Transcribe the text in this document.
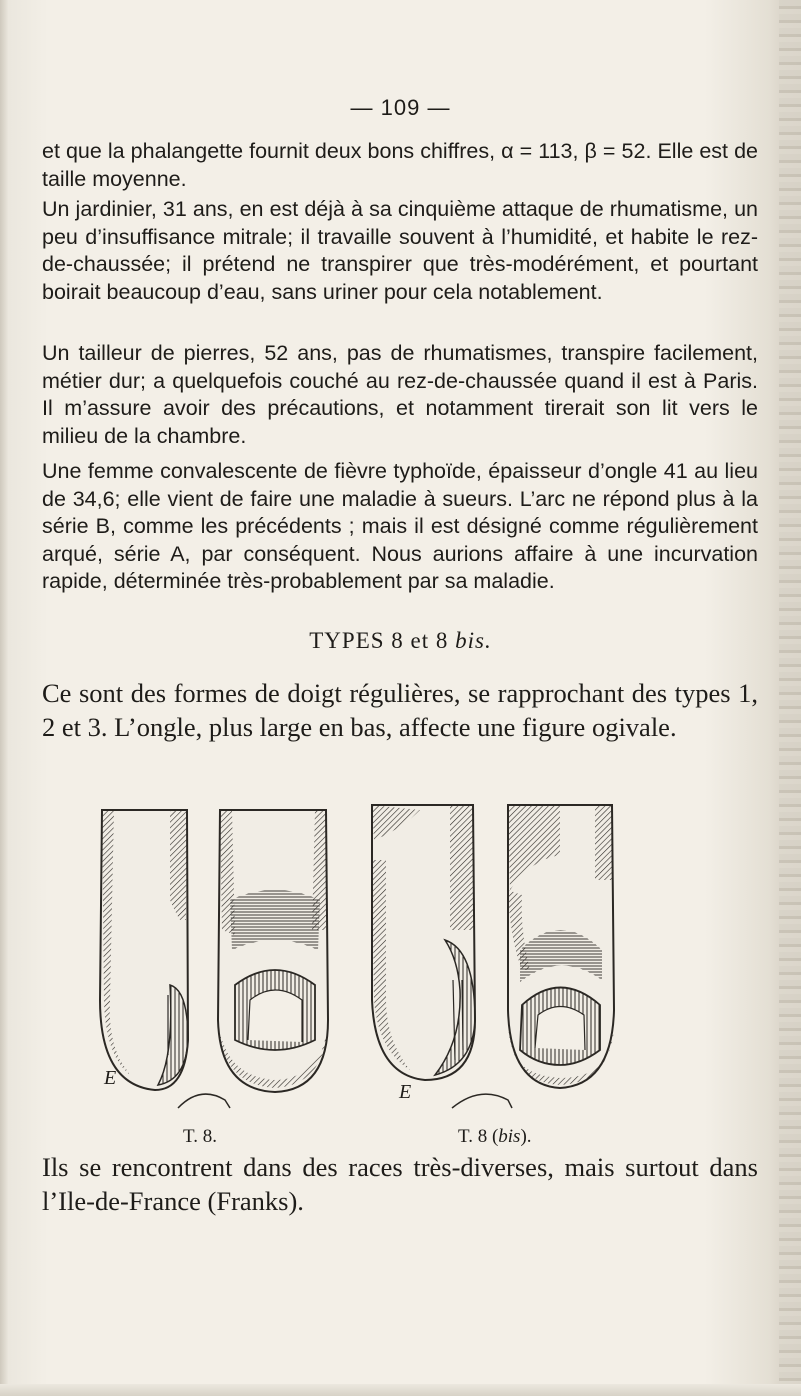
— 109 —

et que la phalangette fournit deux bons chiffres, α = 113, β = 52. Elle est de taille moyenne.

Un jardinier, 31 ans, en est déjà à sa cinquième attaque de rhumatisme, un peu d’insuffisance mitrale; il travaille souvent à l’humidité, et habite le rez-de-chaussée; il prétend ne transpirer que très-modérément, et pourtant boirait beaucoup d’eau, sans uriner pour cela notablement.

Un tailleur de pierres, 52 ans, pas de rhumatismes, transpire facilement, métier dur; a quelquefois couché au rez-de-chaussée quand il est à Paris. Il m’assure avoir des précautions, et notamment tirerait son lit vers le milieu de la chambre.

Une femme convalescente de fièvre typhoïde, épaisseur d’ongle 41 au lieu de 34,6; elle vient de faire une maladie à sueurs. L’arc ne répond plus à la série B, comme les précédents ; mais il est désigné comme régulièrement arqué, série A, par conséquent. Nous aurions affaire à une incurvation rapide, déterminée très-probablement par sa maladie.

TYPES 8 et 8 bis.
Ce sont des formes de doigt régulières, se rapprochant des types 1, 2 et 3. L’ongle, plus large en bas, affecte une figure ogivale.
E
E
T. 8.	T. 8 (bis).
Ils se rencontrent dans des races très-diverses, mais surtout dans l’Ile-de-France (Franks).
